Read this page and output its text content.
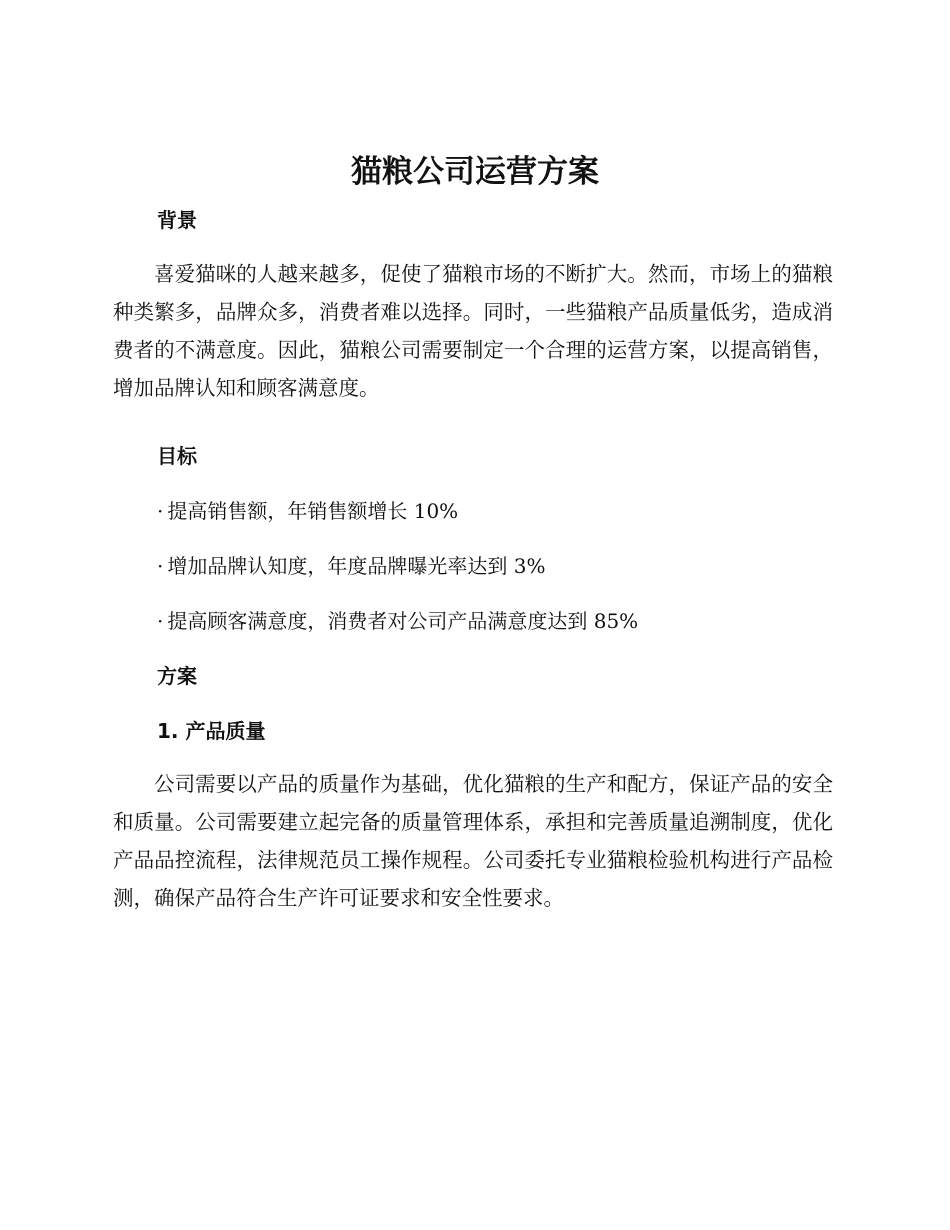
猫粮公司运营方案
背景

喜爱猫咪的人越来越多，促使了猫粮市场的不断扩大。然而，市场上的猫粮种类繁多，品牌众多，消费者难以选择。同时，一些猫粮产品质量低劣，造成消费者的不满意度。因此，猫粮公司需要制定一个合理的运营方案，以提高销售，增加品牌认知和顾客满意度。

目标
· 提高销售额，年销售额增长 10%
· 增加品牌认知度，年度品牌曝光率达到 3%
· 提高顾客满意度，消费者对公司产品满意度达到 85%
方案
1. 产品质量

公司需要以产品的质量作为基础，优化猫粮的生产和配方，保证产品的安全和质量。公司需要建立起完备的质量管理体系，承担和完善质量追溯制度，优化产品品控流程，法律规范员工操作规程。公司委托专业猫粮检验机构进行产品检测，确保产品符合生产许可证要求和安全性要求。
